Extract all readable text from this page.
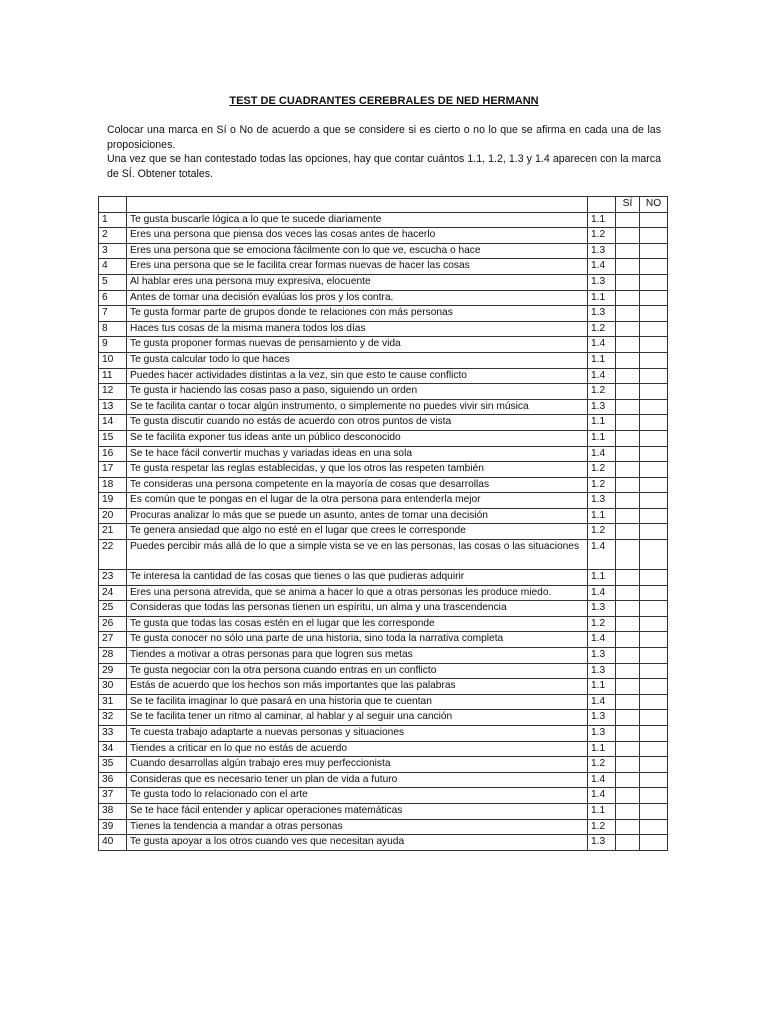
TEST DE CUADRANTES CEREBRALES DE NED HERMANN

Colocar una marca en Sí o No de acuerdo a que se considere si es cierto o no lo que se afirma en cada una de las proposiciones.

Una vez que se han contestado todas las opciones, hay que contar cuántos 1.1, 1.2, 1.3 y 1.4 aparecen con la marca de SÍ. Obtener totales.

			SÍ	NO
1	Te gusta buscarle lógica a lo que te sucede diariamente	1.1		
2	Eres una persona que piensa dos veces las cosas antes de hacerlo	1.2		
3	Eres una persona que se emociona fácilmente con lo que ve, escucha o hace	1.3		
4	Eres una persona que se le facilita crear formas nuevas de hacer las cosas	1.4		
5	Al hablar eres una persona muy expresiva, elocuente	1.3		
6	Antes de tomar una decisión evalúas los pros y los contra.	1.1		
7	Te gusta formar parte de grupos donde te relaciones con más personas	1.3		
8	Haces tus cosas de la misma manera todos los días	1.2		
9	Te gusta proponer formas nuevas de pensamiento y de vida	1.4		
10	Te gusta calcular todo lo que haces	1.1		
11	Puedes hacer actividades distintas a la vez, sin que esto te cause conflicto	1.4		
12	Te gusta ir haciendo las cosas paso a paso, siguiendo un orden	1.2		
13	Se te facilita cantar o tocar algún instrumento, o simplemente no puedes vivir sin música	1.3		
14	Te gusta discutir cuando no estás de acuerdo con otros puntos de vista	1.1		
15	Se te facilita exponer tus ideas ante un público desconocido	1.1		
16	Se te hace fácil convertir muchas y variadas ideas en una sola	1.4		
17	Te gusta respetar las reglas establecidas, y que los otros las respeten también	1.2		
18	Te consideras una persona competente en la mayoría de cosas que desarrollas	1.2		
19	Es común que te pongas en el lugar de la otra persona para entenderla mejor	1.3		
20	Procuras analizar lo más que se puede un asunto, antes de tomar una decisión	1.1		
21	Te genera ansiedad que algo no esté en el lugar que crees le corresponde	1.2		
22	Puedes percibir más allá de lo que a simple vista se ve en las personas, las cosas o las situaciones	1.4		
23	Te interesa la cantidad de las cosas que tienes o las que pudieras adquirir	1.1		
24	Eres una persona atrevida, que se anima a hacer lo que a otras personas les produce miedo.	1.4		
25	Consideras que todas las personas tienen un espíritu, un alma y una trascendencia	1.3		
26	Te gusta que todas las cosas estén en el lugar que les corresponde	1.2		
27	Te gusta conocer no sólo una parte de una historia, sino toda la narrativa completa	1.4		
28	Tiendes a motivar a otras personas para que logren sus metas	1.3		
29	Te gusta negociar con la otra persona cuando entras en un conflicto	1.3		
30	Estás de acuerdo que los hechos son más importantes que las palabras	1.1		
31	Se te facilita imaginar lo que pasará en una historia que te cuentan	1.4		
32	Se te facilita tener un ritmo al caminar, al hablar y al seguir una canción	1.3		
33	Te cuesta trabajo adaptarte a nuevas personas y situaciones	1.3		
34	Tiendes a criticar en lo que no estás de acuerdo	1.1		
35	Cuando desarrollas algún trabajo eres muy perfeccionista	1.2		
36	Consideras que es necesario tener un plan de vida a futuro	1.4		
37	Te gusta todo lo relacionado con el arte	1.4		
38	Se te hace fácil entender y aplicar operaciones matemáticas	1.1		
39	Tienes la tendencia a mandar a otras personas	1.2		
40	Te gusta apoyar a los otros cuando ves que necesitan ayuda	1.3		
